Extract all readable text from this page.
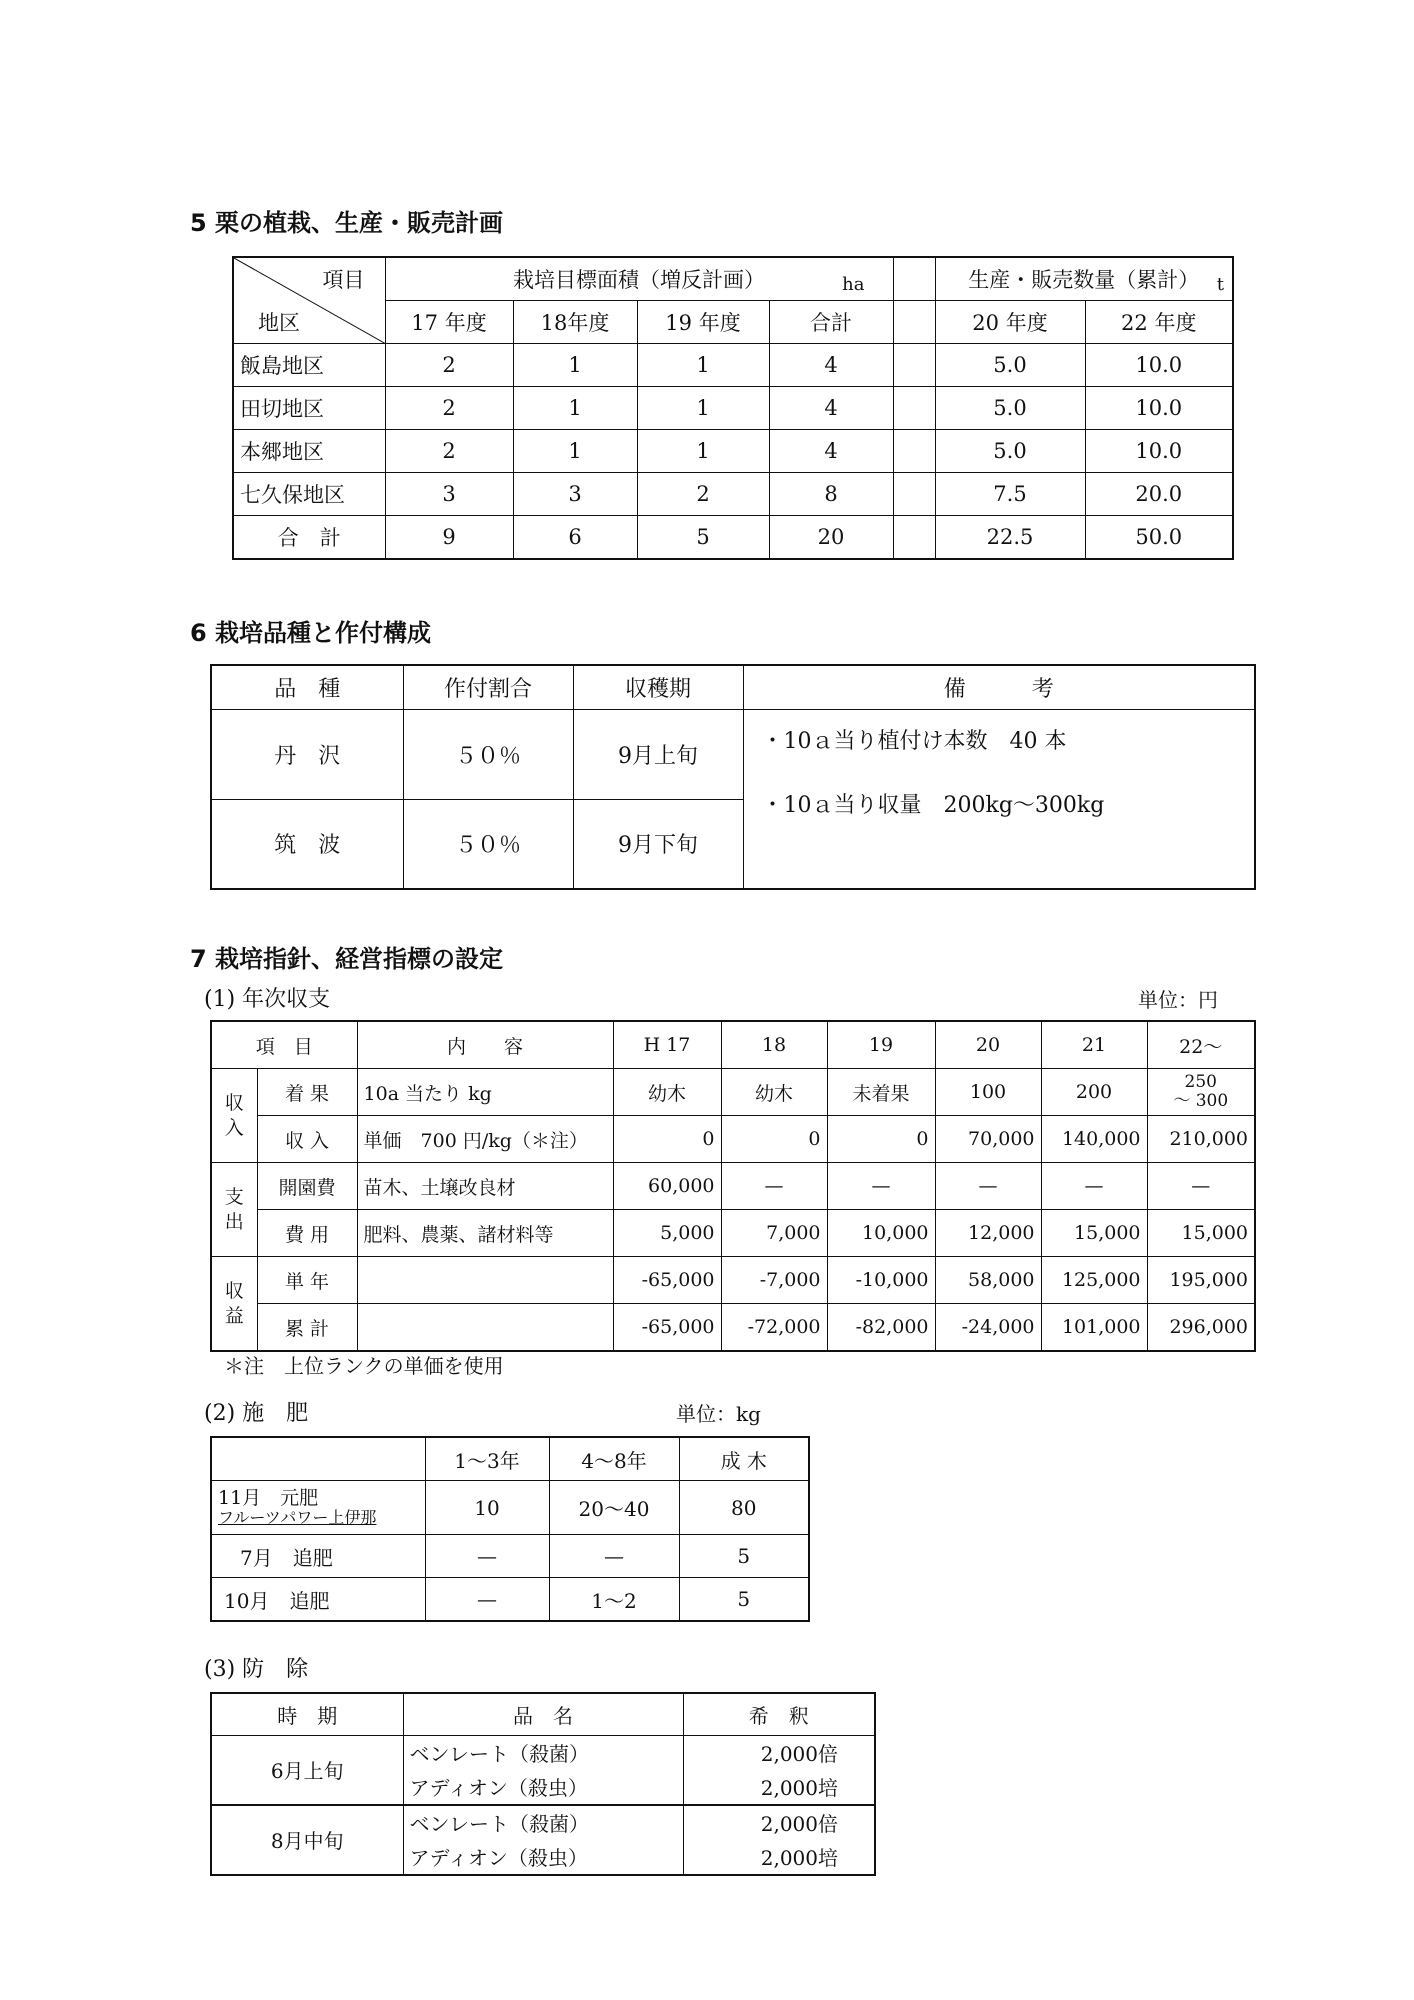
5 栗の植栽、生産・販売計画
項目
地区	栽培目標面積（増反計画） ha					生産・販売数量（累計） t	

	17 年度	18年度	19 年度	合計		20 年度	22 年度
飯島地区	2	1	1	4		5.0	10.0
田切地区	2	1	1	4		5.0	10.0
本郷地区	2	1	1	4		5.0	10.0
七久保地区	3	3	2	8		7.5	20.0
合　計	9	6	5	20		22.5	50.0
6 栽培品種と作付構成
品　種	作付割合	収穫期	備　　　考
丹　沢	５０％	9月上旬	・10ａ当り植付け本数　40 本
・10ａ当り収量　200kg〜300kg

筑　波	５０％	9月下旬	
7 栽培指針、経営指標の設定
(1) 年次収支	単位：円
項　目		内　　容	H 17	18	19	20	21	22〜
収
入	着 果	10a 当たり kg	幼木	幼木	未着果	100	200	250
〜 300
	収 入	単価　700 円/kg（＊注）	0	0	0	70,000	140,000	210,000
支
出	開園費	苗木、土壌改良材	60,000	—	—	—	—	—
	費 用	肥料、農薬、諸材料等	5,000	7,000	10,000	12,000	15,000	15,000
収
益	単 年		-65,000	-7,000	-10,000	58,000	125,000	195,000
	累 計		-65,000	-72,000	-82,000	-24,000	101,000	296,000
＊注　上位ランクの単価を使用
(2) 施　肥	単位：kg
	1〜3年	4〜8年	成 木

11月　元肥
フルーツパワー上伊那	10	20〜40	80
7月　追肥	—	—	5
10月　追肥	—	1〜2	5
(3) 防　除
時　期	品　名	希　釈
6月上旬	ベンレート（殺菌）	2,000倍
	アディオン（殺虫）	2,000培
8月中旬	ベンレート（殺菌）	2,000倍
	アディオン（殺虫）	2,000培
